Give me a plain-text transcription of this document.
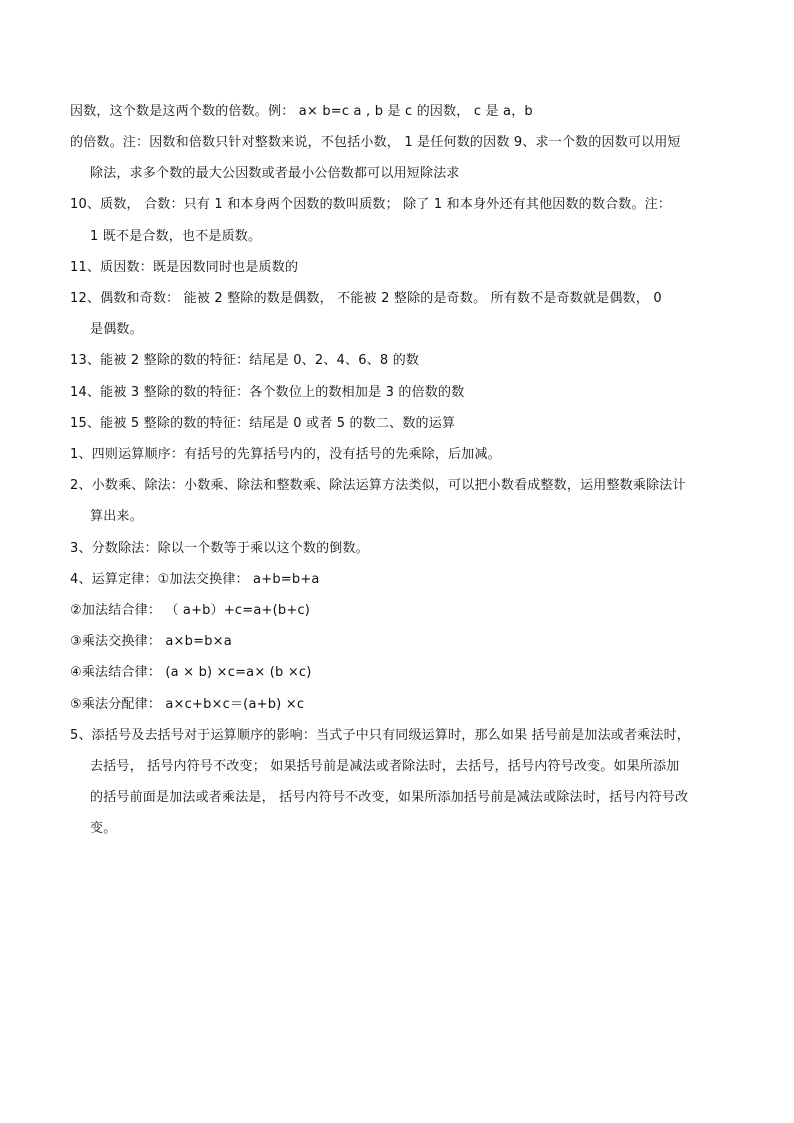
因数，这个数是这两个数的倍数。例： a× b=c a , b 是 c 的因数， c 是 a，b
的倍数。注：因数和倍数只针对整数来说，不包括小数， 1 是任何数的因数 9、求一个数的因数可以用短
除法，求多个数的最大公因数或者最小公倍数都可以用短除法求
10、质数， 合数：只有 1 和本身两个因数的数叫质数； 除了 1 和本身外还有其他因数的数合数。注：
1 既不是合数，也不是质数。
11、质因数：既是因数同时也是质数的
12、偶数和奇数： 能被 2 整除的数是偶数， 不能被 2 整除的是奇数。 所有数不是奇数就是偶数， 0
是偶数。
13、能被 2 整除的数的特征：结尾是 0、2、4、6、8 的数
14、能被 3 整除的数的特征：各个数位上的数相加是 3 的倍数的数
15、能被 5 整除的数的特征：结尾是 0 或者 5 的数二、数的运算
1、四则运算顺序：有括号的先算括号内的，没有括号的先乘除，后加减。
2、小数乘、除法：小数乘、除法和整数乘、除法运算方法类似，可以把小数看成整数，运用整数乘除法计
算出来。
3、分数除法：除以一个数等于乘以这个数的倒数。
4、运算定律：①加法交换律： a+b=b+a
②加法结合律： （ a+b）+c=a+(b+c)
③乘法交换律： a×b=b×a
④乘法结合律： (a × b) ×c=a× (b ×c)
⑤乘法分配律： a×c+b×c＝(a+b) ×c
5、添括号及去括号对于运算顺序的影响：当式子中只有同级运算时，那么如果 括号前是加法或者乘法时，
去括号， 括号内符号不改变； 如果括号前是减法或者除法时，去括号，括号内符号改变。如果所添加
的括号前面是加法或者乘法是， 括号内符号不改变，如果所添加括号前是减法或除法时，括号内符号改
变。
